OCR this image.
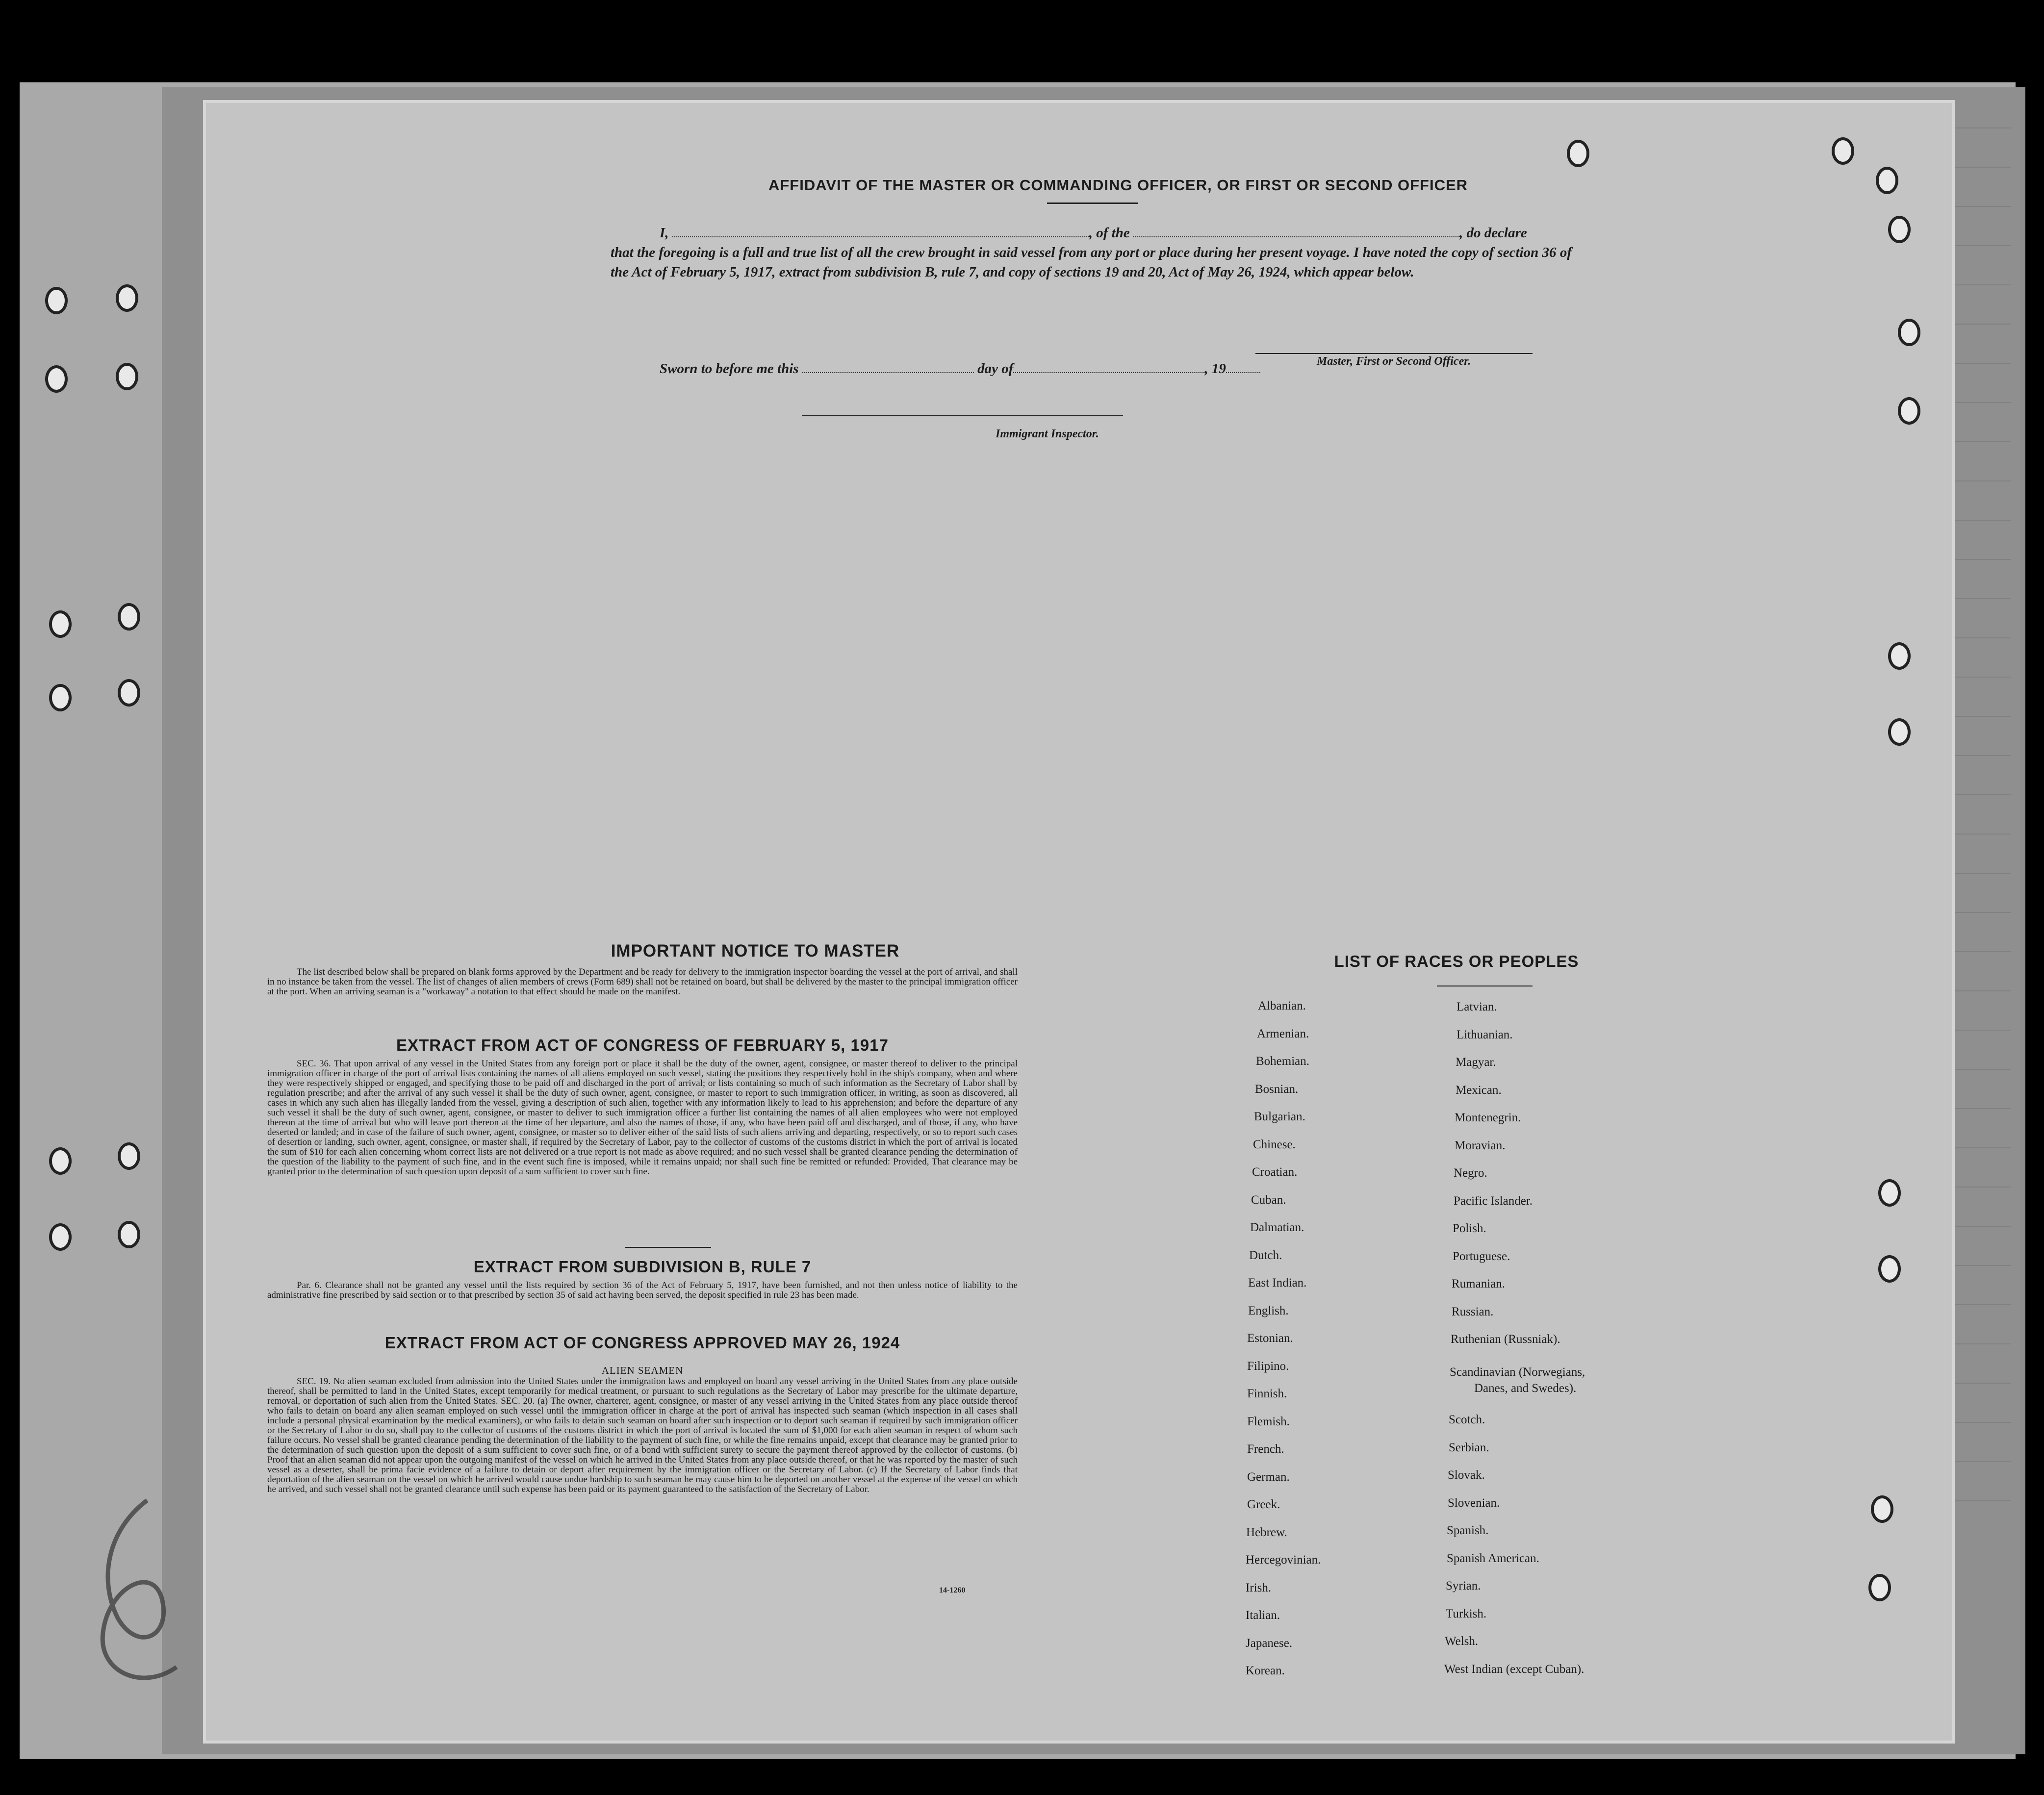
AFFIDAVIT OF THE MASTER OR COMMANDING OFFICER, OR FIRST OR SECOND OFFICER
I,	, of the	, do declare
that the foregoing is a full and true list of all the crew brought in said vessel from any port or place during her present voyage. I have noted the copy of section 36 of the Act of February 5, 1917, extract from subdivision B, rule 7, and copy of sections 19 and 20, Act of May 26, 1924, which appear below.
Master, First or Second Officer.
Sworn to before me this	day of	, 19
Immigrant Inspector.
IMPORTANT NOTICE TO MASTER
The list described below shall be prepared on blank forms approved by the Department and be ready for delivery to the immigration inspector boarding the vessel at the port of arrival, and shall in no instance be taken from the vessel. The list of changes of alien members of crews (Form 689) shall not be retained on board, but shall be delivered by the master to the principal immigration officer at the port. When an arriving seaman is a "workaway" a notation to that effect should be made on the manifest.
EXTRACT FROM ACT OF CONGRESS OF FEBRUARY 5, 1917
SEC. 36. That upon arrival of any vessel in the United States from any foreign port or place it shall be the duty of the owner, agent, consignee, or master thereof to deliver to the principal immigration officer in charge of the port of arrival lists containing the names of all aliens employed on such vessel, stating the positions they respectively hold in the ship's company, when and where they were respectively shipped or engaged, and specifying those to be paid off and discharged in the port of arrival; or lists containing so much of such information as the Secretary of Labor shall by regulation prescribe; and after the arrival of any such vessel it shall be the duty of such owner, agent, consignee, or master to report to such immigration officer, in writing, as soon as discovered, all cases in which any such alien has illegally landed from the vessel, giving a description of such alien, together with any information likely to lead to his apprehension; and before the departure of any such vessel it shall be the duty of such owner, agent, consignee, or master to deliver to such immigration officer a further list containing the names of all alien employees who were not employed thereon at the time of arrival but who will leave port thereon at the time of her departure, and also the names of those, if any, who have been paid off and discharged, and of those, if any, who have deserted or landed; and in case of the failure of such owner, agent, consignee, or master so to deliver either of the said lists of such aliens arriving and departing, respectively, or so to report such cases of desertion or landing, such owner, agent, consignee, or master shall, if required by the Secretary of Labor, pay to the collector of customs of the customs district in which the port of arrival is located the sum of $10 for each alien concerning whom correct lists are not delivered or a true report is not made as above required; and no such vessel shall be granted clearance pending the determination of the question of the liability to the payment of such fine, and in the event such fine is imposed, while it remains unpaid; nor shall such fine be remitted or refunded: Provided, That clearance may be granted prior to the determination of such question upon deposit of a sum sufficient to cover such fine.
EXTRACT FROM SUBDIVISION B, RULE 7
Par. 6. Clearance shall not be granted any vessel until the lists required by section 36 of the Act of February 5, 1917, have been furnished, and not then unless notice of liability to the administrative fine prescribed by said section or to that prescribed by section 35 of said act having been served, the deposit specified in rule 23 has been made.
EXTRACT FROM ACT OF CONGRESS APPROVED MAY 26, 1924
ALIEN SEAMEN
SEC. 19. No alien seaman excluded from admission into the United States under the immigration laws and employed on board any vessel arriving in the United States from any place outside thereof, shall be permitted to land in the United States, except temporarily for medical treatment, or pursuant to such regulations as the Secretary of Labor may prescribe for the ultimate departure, removal, or deportation of such alien from the United States. SEC. 20. (a) The owner, charterer, agent, consignee, or master of any vessel arriving in the United States from any place outside thereof who fails to detain on board any alien seaman employed on such vessel until the immigration officer in charge at the port of arrival has inspected such seaman (which inspection in all cases shall include a personal physical examination by the medical examiners), or who fails to detain such seaman on board after such inspection or to deport such seaman if required by such immigration officer or the Secretary of Labor to do so, shall pay to the collector of customs of the customs district in which the port of arrival is located the sum of $1,000 for each alien seaman in respect of whom such failure occurs. No vessel shall be granted clearance pending the determination of the liability to the payment of such fine, or while the fine remains unpaid, except that clearance may be granted prior to the determination of such question upon the deposit of a sum sufficient to cover such fine, or of a bond with sufficient surety to secure the payment thereof approved by the collector of customs. (b) Proof that an alien seaman did not appear upon the outgoing manifest of the vessel on which he arrived in the United States from any place outside thereof, or that he was reported by the master of such vessel as a deserter, shall be prima facie evidence of a failure to detain or deport after requirement by the immigration officer or the Secretary of Labor. (c) If the Secretary of Labor finds that deportation of the alien seaman on the vessel on which he arrived would cause undue hardship to such seaman he may cause him to be deported on another vessel at the expense of the vessel on which he arrived, and such vessel shall not be granted clearance until such expense has been paid or its payment guaranteed to the satisfaction of the Secretary of Labor.
14-1260
LIST OF RACES OR PEOPLES
Albanian.
Armenian.
Bohemian.
Bosnian.
Bulgarian.
Chinese.
Croatian.
Cuban.
Dalmatian.
Dutch.
East Indian.
English.
Estonian.
Filipino.
Finnish.
Flemish.
French.
German.
Greek.
Hebrew.
Hercegovinian.
Irish.
Italian.
Japanese.
Korean.
Latvian.
Lithuanian.
Magyar.
Mexican.
Montenegrin.
Moravian.
Negro.
Pacific Islander.
Polish.
Portuguese.
Rumanian.
Russian.
Ruthenian (Russniak).
Scandinavian (Norwegians,
Danes, and Swedes).
Scotch.
Serbian.
Slovak.
Slovenian.
Spanish.
Spanish American.
Syrian.
Turkish.
Welsh.
West Indian (except Cuban).
